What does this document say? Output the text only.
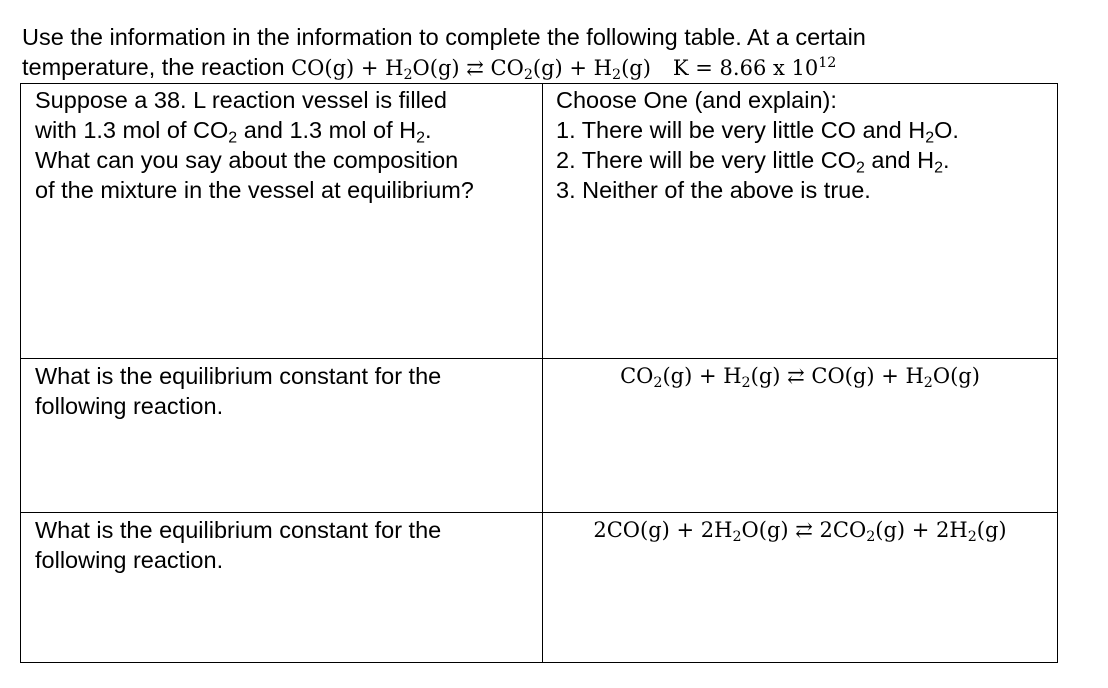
Use the information in the information to complete the following table. At a certain
temperature, the reaction $CO(g) + H_2O(g)$ ⇄ $CO_2(g) + H_2(g) K = 8.66$ x $10^{12}$
Suppose a 38. L reaction vessel is filled
with 1.3 mol of $CO_2$ and 1.3 mol of $H_2$.
What can you say about the composition
of the mixture in the vessel at equilibrium?
Choose One (and explain):
1. There will be very little CO and $H_2O$.
2. There will be very little $CO_2$ and $H_2$.
3. Neither of the above is true.
What is the equilibrium constant for the
following reaction.
$CO_2(g) + H_2(g)$ ⇄ $CO(g) + H_2O(g)$
What is the equilibrium constant for the
following reaction.
$2CO(g) + 2H_2O(g)$ ⇄ $2CO_2(g) + 2H_2(g)$
